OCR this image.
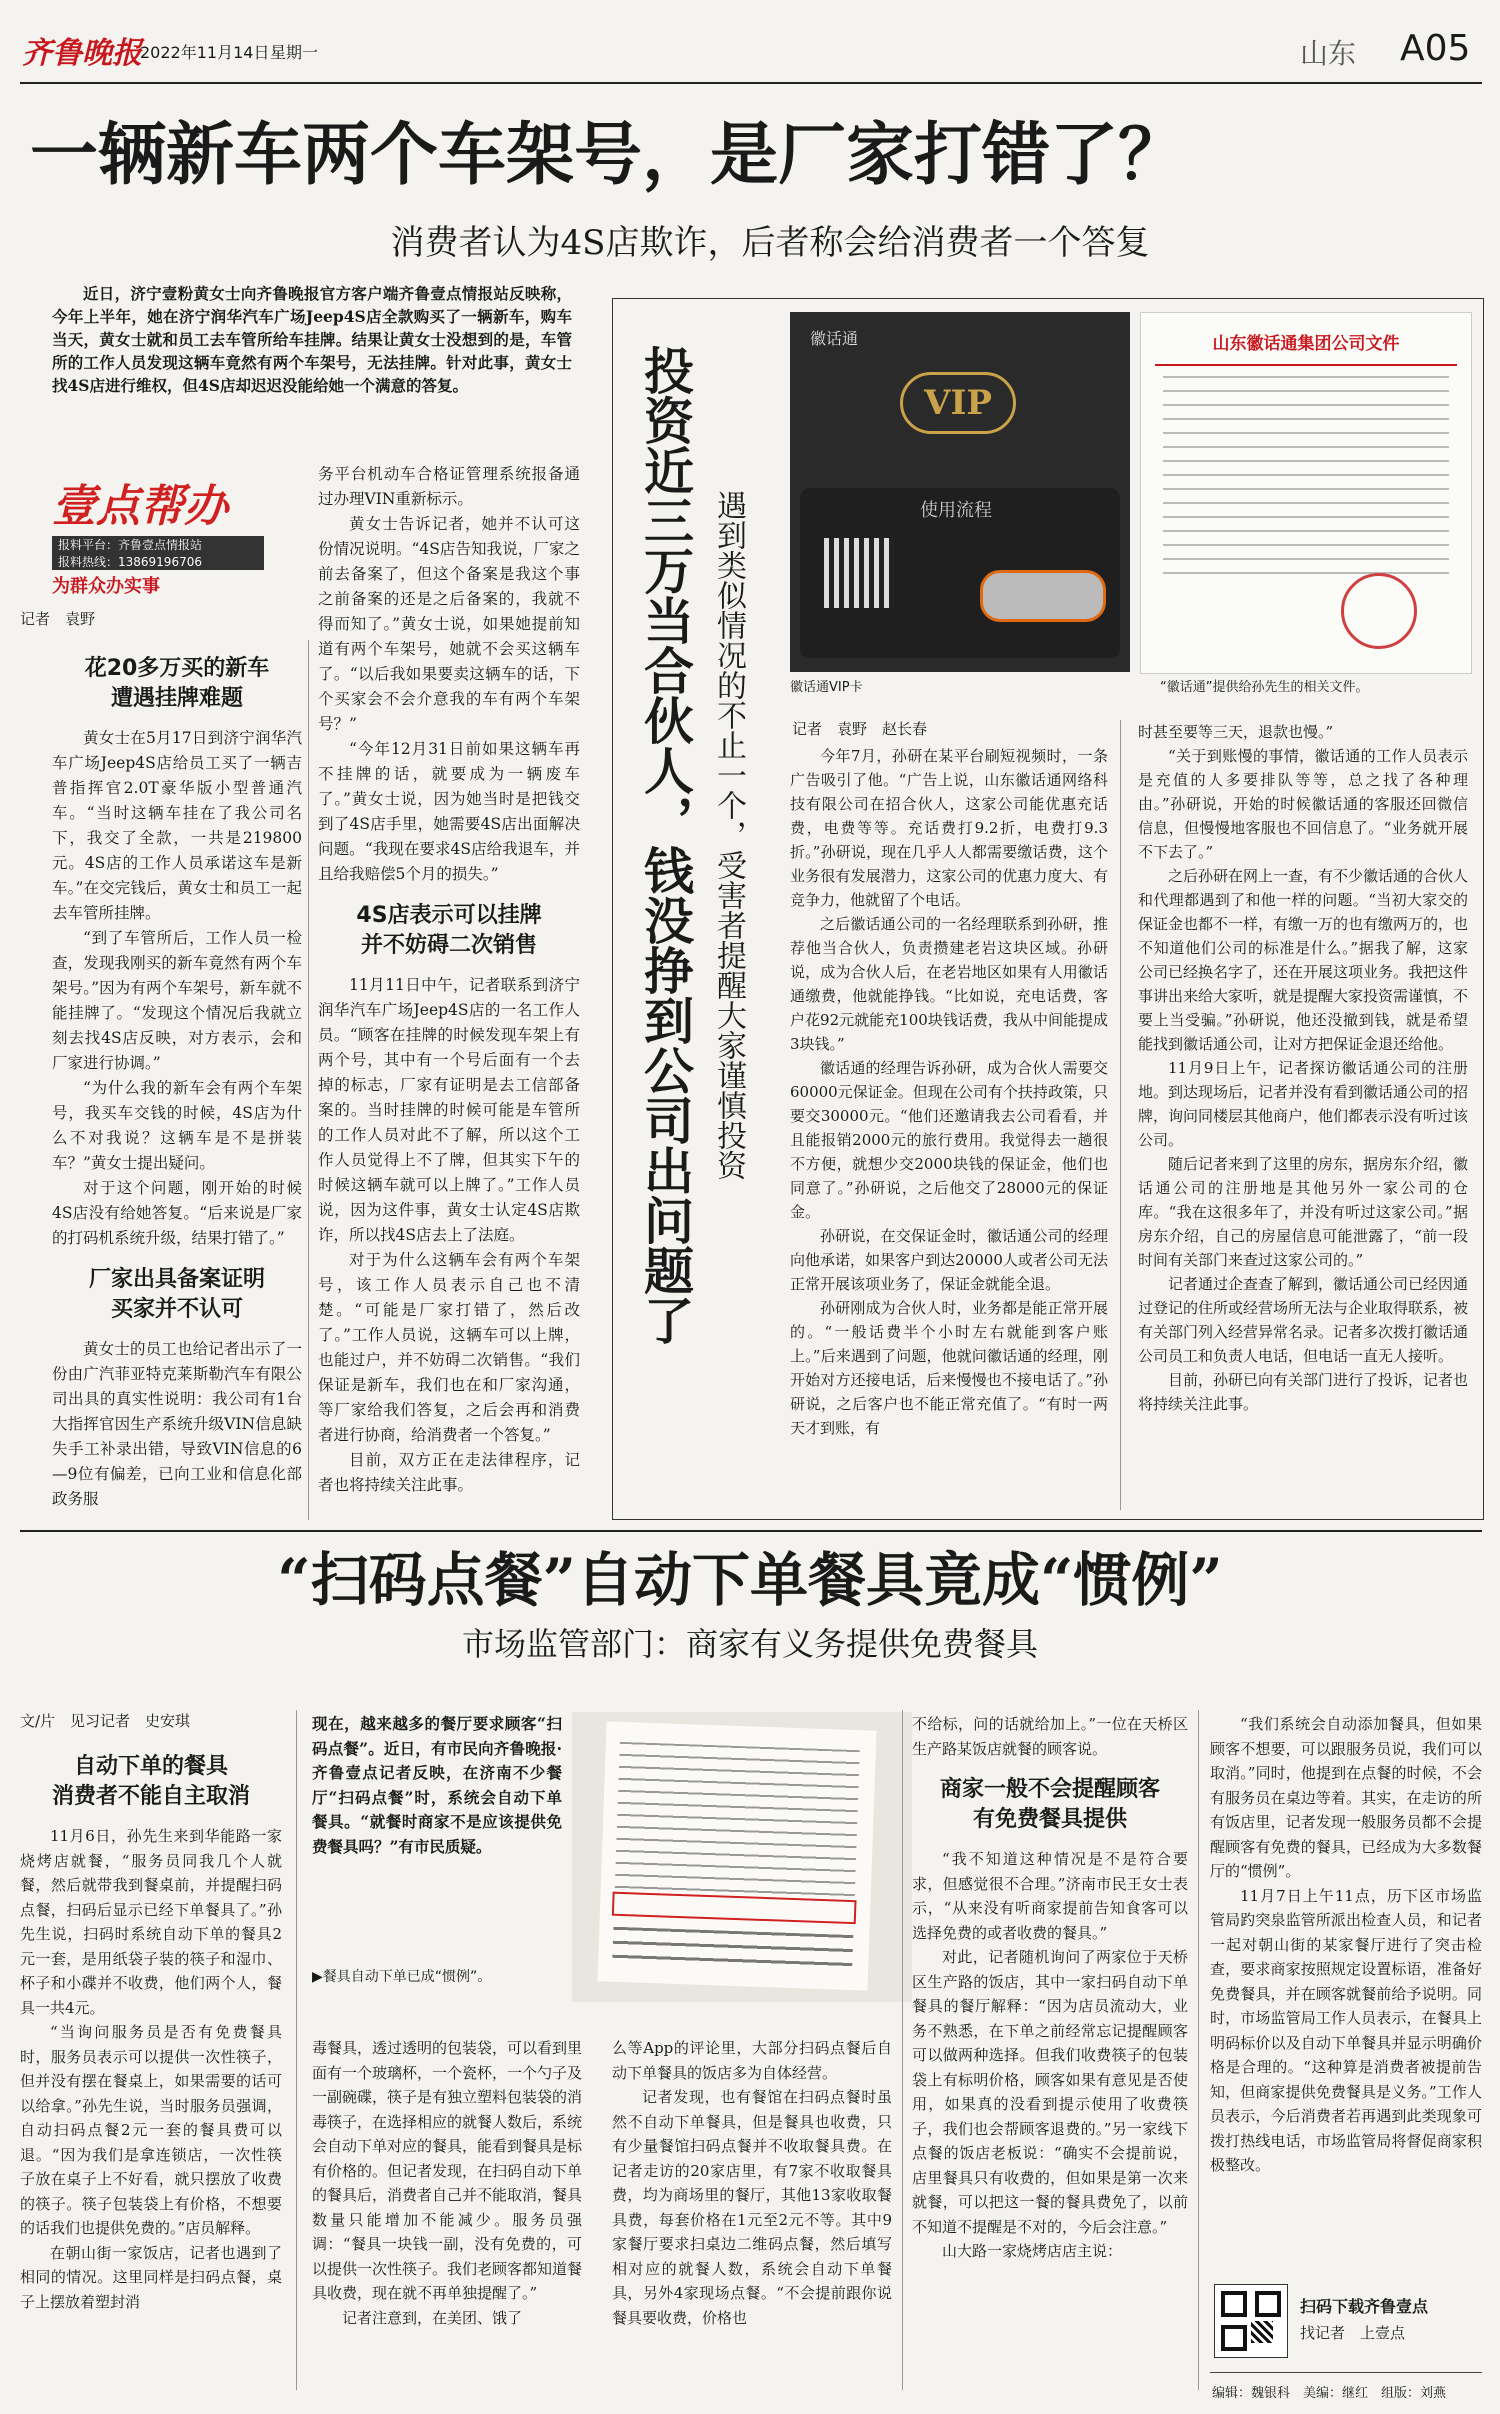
齐鲁晚报
2022年11月14日 星期一	山东 A05
一辆新车两个车架号，是厂家打错了？
消费者认为4S店欺诈，后者称会给消费者一个答复

近日，济宁壹粉黄女士向齐鲁晚报官方客户端齐鲁壹点情报站反映称，今年上半年，她在济宁润华汽车广场Jeep4S店全款购买了一辆新车，购车当天，黄女士就和员工去车管所给车挂牌。结果让黄女士没想到的是，车管所的工作人员发现这辆车竟然有两个车架号，无法挂牌。针对此事，黄女士找4S店进行维权，但4S店却迟迟没能给她一个满意的答复。

壹点帮办
报料平台：齐鲁壹点情报站
报料热线：13869196706
为群众办实事
记者　袁野
花20多万买的新车
遭遇挂牌难题

黄女士在5月17日到济宁润华汽车广场Jeep4S店给员工买了一辆吉普指挥官2.0T豪华版小型普通汽车。“当时这辆车挂在了我公司名下，我交了全款，一共是219800元。4S店的工作人员承诺这车是新车。”在交完钱后，黄女士和员工一起去车管所挂牌。

“到了车管所后，工作人员一检查，发现我刚买的新车竟然有两个车架号。”因为有两个车架号，新车就不能挂牌了。“发现这个情况后我就立刻去找4S店反映，对方表示，会和厂家进行协调。”

“为什么我的新车会有两个车架号，我买车交钱的时候，4S店为什么不对我说？这辆车是不是拼装车？”黄女士提出疑问。

对于这个问题，刚开始的时候4S店没有给她答复。“后来说是厂家的打码机系统升级，结果打错了。”

厂家出具备案证明
买家并不认可

黄女士的员工也给记者出示了一份由广汽菲亚特克莱斯勒汽车有限公司出具的真实性说明：我公司有1台大指挥官因生产系统升级VIN信息缺失手工补录出错，导致VIN信息的6—9位有偏差，已向工业和信息化部政务服

务平台机动车合格证管理系统报备通过办理VIN重新标示。

黄女士告诉记者，她并不认可这份情况说明。“4S店告知我说，厂家之前去备案了，但这个备案是我这个事之前备案的还是之后备案的，我就不得而知了。”黄女士说，如果她提前知道有两个车架号，她就不会买这辆车了。“以后我如果要卖这辆车的话，下个买家会不会介意我的车有两个车架号？”

“今年12月31日前如果这辆车再不挂牌的话，就要成为一辆废车了。”黄女士说，因为她当时是把钱交到了4S店手里，她需要4S店出面解决问题。“我现在要求4S店给我退车，并且给我赔偿5个月的损失。”

4S店表示可以挂牌
并不妨碍二次销售

11月11日中午，记者联系到济宁润华汽车广场Jeep4S店的一名工作人员。“顾客在挂牌的时候发现车架上有两个号，其中有一个号后面有一个去掉的标志，厂家有证明是去工信部备案的。当时挂牌的时候可能是车管所的工作人员对此不了解，所以这个工作人员觉得上不了牌，但其实下午的时候这辆车就可以上牌了。”工作人员说，因为这件事，黄女士认定4S店欺诈，所以找4S店去上了法庭。

对于为什么这辆车会有两个车架号，该工作人员表示自己也不清楚。“可能是厂家打错了，然后改了。”工作人员说，这辆车可以上牌，也能过户，并不妨碍二次销售。“我们保证是新车，我们也在和厂家沟通，等厂家给我们答复，之后会再和消费者进行协商，给消费者一个答复。”

目前，双方正在走法律程序，记者也将持续关注此事。

投资近三万当合伙人，钱没挣到公司出问题了 遇到类似情况的不止一个，受害者提醒大家谨慎投资
徽话通
VIP
使用流程
徽话通VIP卡
山东徽话通集团公司文件
“徽话通”提供给孙先生的相关文件。
记者　袁野　赵长春

今年7月，孙研在某平台刷短视频时，一条广告吸引了他。“广告上说，山东徽话通网络科技有限公司在招合伙人，这家公司能优惠充话费，电费等等。充话费打9.2折，电费打9.3折。”孙研说，现在几乎人人都需要缴话费，这个业务很有发展潜力，这家公司的优惠力度大、有竞争力，他就留了个电话。

之后徽话通公司的一名经理联系到孙研，推荐他当合伙人，负责攒建老岩这块区域。孙研说，成为合伙人后，在老岩地区如果有人用徽话通缴费，他就能挣钱。“比如说，充电话费，客户花92元就能充100块钱话费，我从中间能提成3块钱。”

徽话通的经理告诉孙研，成为合伙人需要交60000元保证金。但现在公司有个扶持政策，只要交30000元。“他们还邀请我去公司看看，并且能报销2000元的旅行费用。我觉得去一趟很不方便，就想少交2000块钱的保证金，他们也同意了。”孙研说，之后他交了28000元的保证金。

孙研说，在交保证金时，徽话通公司的经理向他承诺，如果客户到达20000人或者公司无法正常开展该项业务了，保证金就能全退。

孙研刚成为合伙人时，业务都是能正常开展的。“一般话费半个小时左右就能到客户账上。”后来遇到了问题，他就问徽话通的经理，刚开始对方还接电话，后来慢慢也不接电话了。”孙研说，之后客户也不能正常充值了。“有时一两天才到账，有

时甚至要等三天，退款也慢。”

“关于到账慢的事情，徽话通的工作人员表示是充值的人多要排队等等，总之找了各种理由。”孙研说，开始的时候徽话通的客服还回微信信息，但慢慢地客服也不回信息了。“业务就开展不下去了。”

之后孙研在网上一查，有不少徽话通的合伙人和代理都遇到了和他一样的问题。“当初大家交的保证金也都不一样，有缴一万的也有缴两万的，也不知道他们公司的标准是什么。”据我了解，这家公司已经换名字了，还在开展这项业务。我把这件事讲出来给大家听，就是提醒大家投资需谨慎，不要上当受骗。”孙研说，他还没撤到钱，就是希望能找到徽话通公司，让对方把保证金退还给他。

11月9日上午，记者探访徽话通公司的注册地。到达现场后，记者并没有看到徽话通公司的招牌，询问同楼层其他商户，他们都表示没有听过该公司。

随后记者来到了这里的房东，据房东介绍，徽话通公司的注册地是其他另外一家公司的仓库。“我在这很多年了，并没有听过这家公司。”据房东介绍，自己的房屋信息可能泄露了，“前一段时间有关部门来查过这家公司的。”

记者通过企查查了解到，徽话通公司已经因通过登记的住所或经营场所无法与企业取得联系，被有关部门列入经营异常名录。记者多次拨打徽话通公司员工和负责人电话，但电话一直无人接听。

目前，孙研已向有关部门进行了投诉，记者也将持续关注此事。

“扫码点餐”自动下单餐具竟成“惯例”
市场监管部门：商家有义务提供免费餐具
文/片　见习记者　史安琪
自动下单的餐具
消费者不能自主取消

11月6日，孙先生来到华能路一家烧烤店就餐，“服务员同我几个人就餐，然后就带我到餐桌前，并提醒扫码点餐，扫码后显示已经下单餐具了。”孙先生说，扫码时系统自动下单的餐具2元一套，是用纸袋子装的筷子和湿巾、杯子和小碟并不收费，他们两个人，餐具一共4元。

“当询问服务员是否有免费餐具时，服务员表示可以提供一次性筷子，但并没有摆在餐桌上，如果需要的话可以给拿。”孙先生说，当时服务员强调，自动扫码点餐2元一套的餐具费可以退。“因为我们是拿连锁店，一次性筷子放在桌子上不好看，就只摆放了收费的筷子。筷子包装袋上有价格，不想要的话我们也提供免费的。”店员解释。

在朝山街一家饭店，记者也遇到了相同的情况。这里同样是扫码点餐，桌子上摆放着塑封消

现在，越来越多的餐厅要求顾客“扫码点餐”。近日，有市民向齐鲁晚报·齐鲁壹点记者反映，在济南不少餐厅“扫码点餐”时，系统会自动下单餐具。“就餐时商家不是应该提供免费餐具吗？”有市民质疑。
▶餐具自动下单已成“惯例”。

毒餐具，透过透明的包装袋，可以看到里面有一个玻璃杯，一个瓷杯，一个勺子及一副碗碟，筷子是有独立塑料包装袋的消毒筷子，在选择相应的就餐人数后，系统会自动下单对应的餐具，能看到餐具是标有价格的。但记者发现，在扫码自动下单的餐具后，消费者自己并不能取消，餐具数量只能增加不能减少。服务员强调：“餐具一块钱一副，没有免费的，可以提供一次性筷子。我们老顾客都知道餐具收费，现在就不再单独提醒了。”

记者注意到，在美团、饿了

么等App的评论里，大部分扫码点餐后自动下单餐具的饭店多为自体经营。

记者发现，也有餐馆在扫码点餐时虽然不自动下单餐具，但是餐具也收费，只有少量餐馆扫码点餐并不收取餐具费。在记者走访的20家店里，有7家不收取餐具费，均为商场里的餐厅，其他13家收取餐具费，每套价格在1元至2元不等。其中9家餐厅要求扫桌边二维码点餐，然后填写相对应的就餐人数，系统会自动下单餐具，另外4家现场点餐。“不会提前跟你说餐具要收费，价格也

不给标，问的话就给加上。”一位在天桥区生产路某饭店就餐的顾客说。

商家一般不会提醒顾客
有免费餐具提供

“我不知道这种情况是不是符合要求，但感觉很不合理。”济南市民王女士表示，“从来没有听商家提前告知食客可以选择免费的或者收费的餐具。”

对此，记者随机询问了两家位于天桥区生产路的饭店，其中一家扫码自动下单餐具的餐厅解释：“因为店员流动大，业务不熟悉，在下单之前经常忘记提醒顾客可以做两种选择。但我们收费筷子的包装袋上有标明价格，顾客如果有意见是否使用，如果真的没看到提示使用了收费筷子，我们也会帮顾客退费的。”另一家线下点餐的饭店老板说：“确实不会提前说，店里餐具只有收费的，但如果是第一次来就餐，可以把这一餐的餐具费免了，以前不知道不提醒是不对的，今后会注意。”

山大路一家烧烤店店主说：

“我们系统会自动添加餐具，但如果顾客不想要，可以跟服务员说，我们可以取消。”同时，他提到在点餐的时候，不会有服务员在桌边等着。其实，在走访的所有饭店里，记者发现一般服务员都不会提醒顾客有免费的餐具，已经成为大多数餐厅的“惯例”。

11月7日上午11点，历下区市场监管局趵突泉监管所派出检查人员，和记者一起对朝山街的某家餐厅进行了突击检查，要求商家按照规定设置标语，准备好免费餐具，并在顾客就餐前给予说明。同时，市场监管局工作人员表示，在餐具上明码标价以及自动下单餐具并显示明确价格是合理的。“这种算是消费者被提前告知，但商家提供免费餐具是义务。”工作人员表示，今后消费者若再遇到此类现象可拨打热线电话，市场监管局将督促商家积极整改。

扫码下载齐鲁壹点
找记者　上壹点
编辑：魏银科　美编：继红　组版：刘燕
